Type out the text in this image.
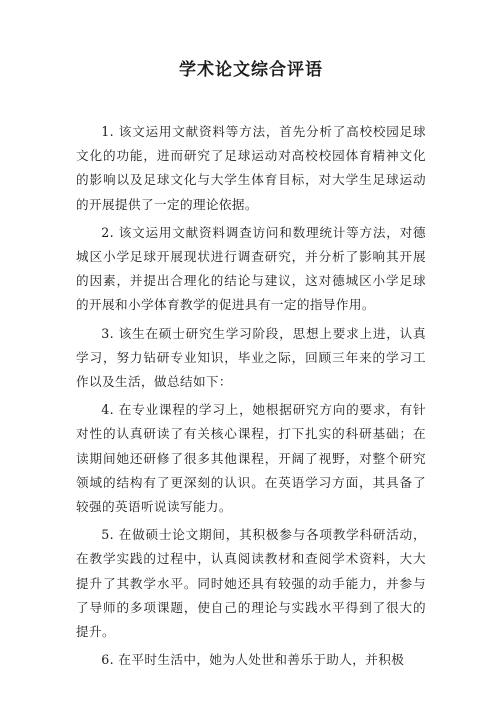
学术论文综合评语

1. 该文运用文献资料等方法，首先分析了高校校园足球文化的功能，进而研究了足球运动对高校校园体育精神文化的影响以及足球文化与大学生体育目标，对大学生足球运动的开展提供了一定的理论依据。

2. 该文运用文献资料调查访问和数理统计等方法，对德城区小学足球开展现状进行调查研究，并分析了影响其开展的因素，并提出合理化的结论与建议，这对德城区小学足球的开展和小学体育教学的促进具有一定的指导作用。

3. 该生在硕士研究生学习阶段，思想上要求上进，认真学习，努力钻研专业知识，毕业之际，回顾三年来的学习工作以及生活，做总结如下：

4. 在专业课程的学习上，她根据研究方向的要求，有针对性的认真研读了有关核心课程，打下扎实的科研基础；在读期间她还研修了很多其他课程，开阔了视野，对整个研究领域的结构有了更深刻的认识。在英语学习方面，其具备了较强的英语听说读写能力。

5. 在做硕士论文期间，其积极参与各项教学科研活动，在教学实践的过程中，认真阅读教材和查阅学术资料，大大提升了其教学水平。同时她还具有较强的动手能力，并参与了导师的多项课题，使自己的理论与实践水平得到了很大的提升。

6. 在平时生活中，她为人处世和善乐于助人，并积极
